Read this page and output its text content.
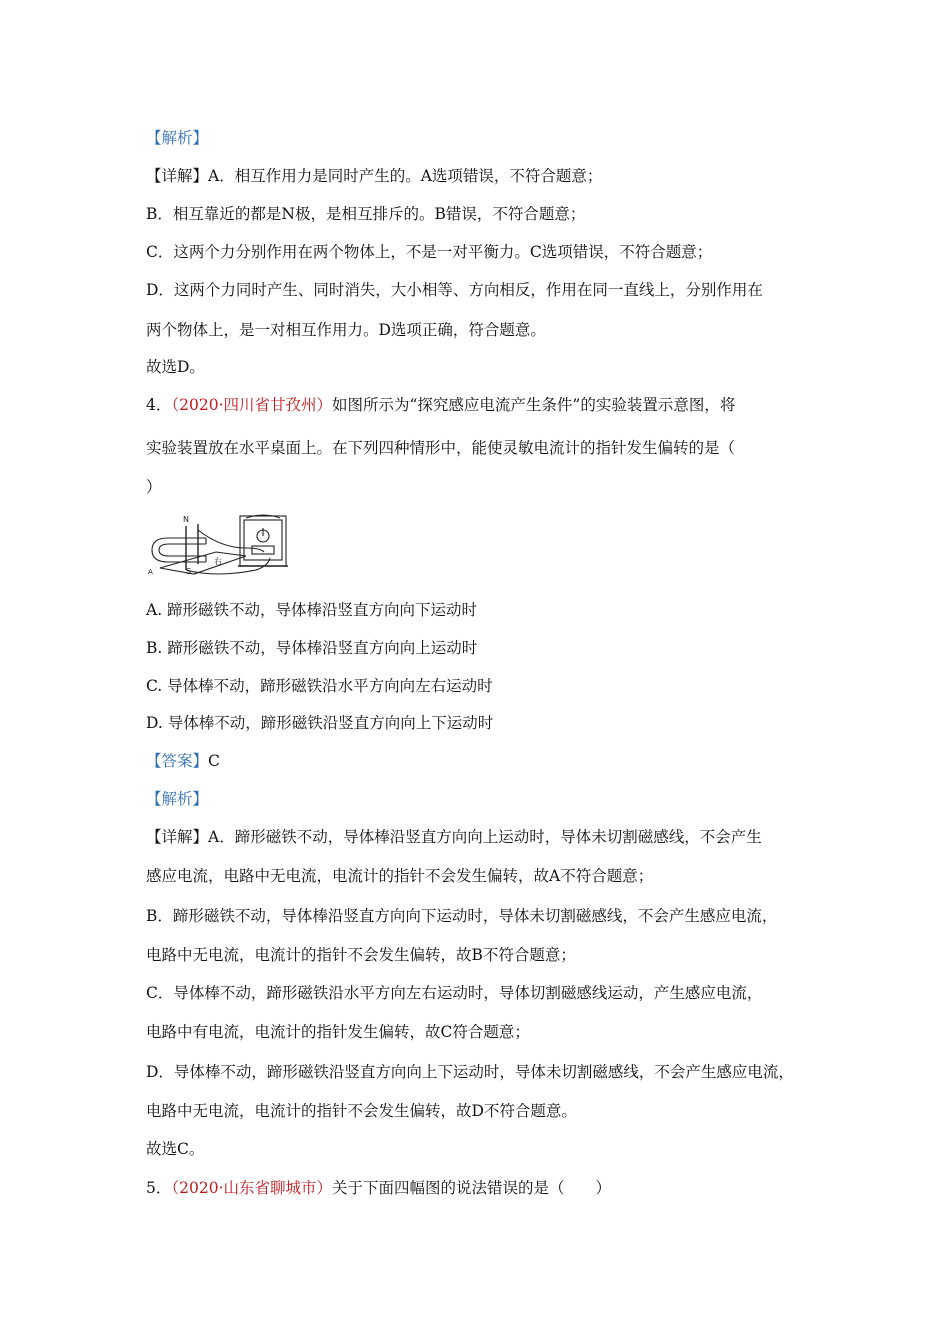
【解析】
【详解】A．相互作用力是同时产生的。A选项错误，不符合题意；
B．相互靠近的都是N极，是相互排斥的。B错误，不符合题意；
C．这两个力分别作用在两个物体上，不是一对平衡力。C选项错误，不符合题意；
D．这两个力同时产生、同时消失，大小相等、方向相反，作用在同一直线上，分别作用在
两个物体上，是一对相互作用力。D选项正确，符合题意。
故选D。
4．（2020·四川省甘孜州）如图所示为“探究感应电流产生条件”的实验装置示意图，将
实验装置放在水平桌面上。在下列四种情形中，能使灵敏电流计的指针发生偏转的是（
）
N
S
A
右
A. 蹄形磁铁不动，导体棒沿竖直方向向下运动时
B. 蹄形磁铁不动，导体棒沿竖直方向向上运动时
C. 导体棒不动，蹄形磁铁沿水平方向向左右运动时
D. 导体棒不动，蹄形磁铁沿竖直方向向上下运动时
【答案】C
【解析】
【详解】A．蹄形磁铁不动，导体棒沿竖直方向向上运动时，导体未切割磁感线，不会产生
感应电流，电路中无电流，电流计的指针不会发生偏转，故A不符合题意；
B．蹄形磁铁不动，导体棒沿竖直方向向下运动时，导体未切割磁感线，不会产生感应电流，
电路中无电流，电流计的指针不会发生偏转，故B不符合题意；
C．导体棒不动，蹄形磁铁沿水平方向左右运动时，导体切割磁感线运动，产生感应电流，
电路中有电流，电流计的指针发生偏转，故C符合题意；
D．导体棒不动，蹄形磁铁沿竖直方向向上下运动时，导体未切割磁感线，不会产生感应电流，
电路中无电流，电流计的指针不会发生偏转，故D不符合题意。
故选C。
5．（2020·山东省聊城市）关于下面四幅图的说法错误的是（　　）
